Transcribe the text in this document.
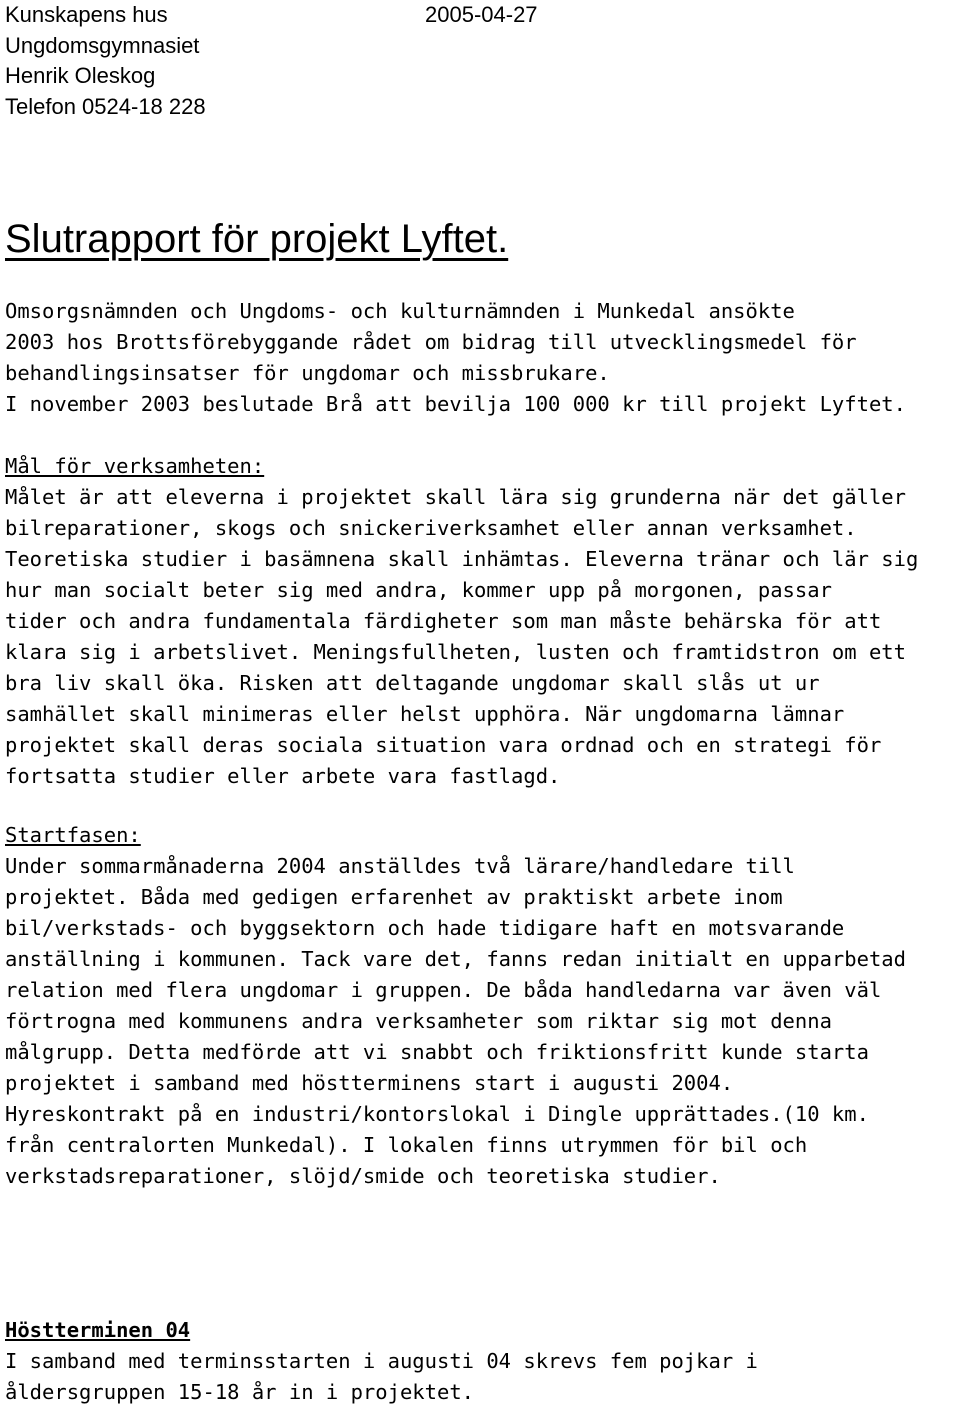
Kunskapens hus
Ungdomsgymnasiet
Henrik Oleskog
Telefon 0524-18 228
2005-04-27
Slutrapport för projekt Lyftet.
Omsorgsnämnden och Ungdoms- och kulturnämnden i Munkedal ansökte
2003 hos Brottsförebyggande rådet om bidrag till utvecklingsmedel för
behandlingsinsatser för ungdomar och missbrukare.
I november 2003 beslutade Brå att bevilja 100 000 kr till projekt Lyftet.
Mål för verksamheten:
Målet är att eleverna i projektet skall lära sig grunderna när det gäller
bilreparationer, skogs och snickeriverksamhet eller annan verksamhet.
Teoretiska studier i basämnena skall inhämtas. Eleverna tränar och lär sig
hur man socialt beter sig med andra, kommer upp på morgonen, passar
tider och andra fundamentala färdigheter som man måste behärska för att
klara sig i arbetslivet. Meningsfullheten, lusten och framtidstron om ett
bra liv skall öka. Risken att deltagande ungdomar skall slås ut ur
samhället skall minimeras eller helst upphöra. När ungdomarna lämnar
projektet skall deras sociala situation vara ordnad och en strategi för
fortsatta studier eller arbete vara fastlagd.
Startfasen:
Under sommarmånaderna 2004 anställdes två lärare/handledare till
projektet. Båda med gedigen erfarenhet av praktiskt arbete inom
bil/verkstads- och byggsektorn och hade tidigare haft en motsvarande
anställning i kommunen. Tack vare det, fanns redan initialt en upparbetad
relation med flera ungdomar i gruppen. De båda handledarna var även väl
förtrogna med kommunens andra verksamheter som riktar sig mot denna
målgrupp. Detta medförde att vi snabbt och friktionsfritt kunde starta
projektet i samband med höstterminens start i augusti 2004.
Hyreskontrakt på en industri/kontorslokal i Dingle upprättades.(10 km.
från centralorten Munkedal). I lokalen finns utrymmen för bil och
verkstadsreparationer, slöjd/smide och teoretiska studier.
Höstterminen 04
I samband med terminsstarten i augusti 04 skrevs fem pojkar i
åldersgruppen 15-18 år in i projektet.
